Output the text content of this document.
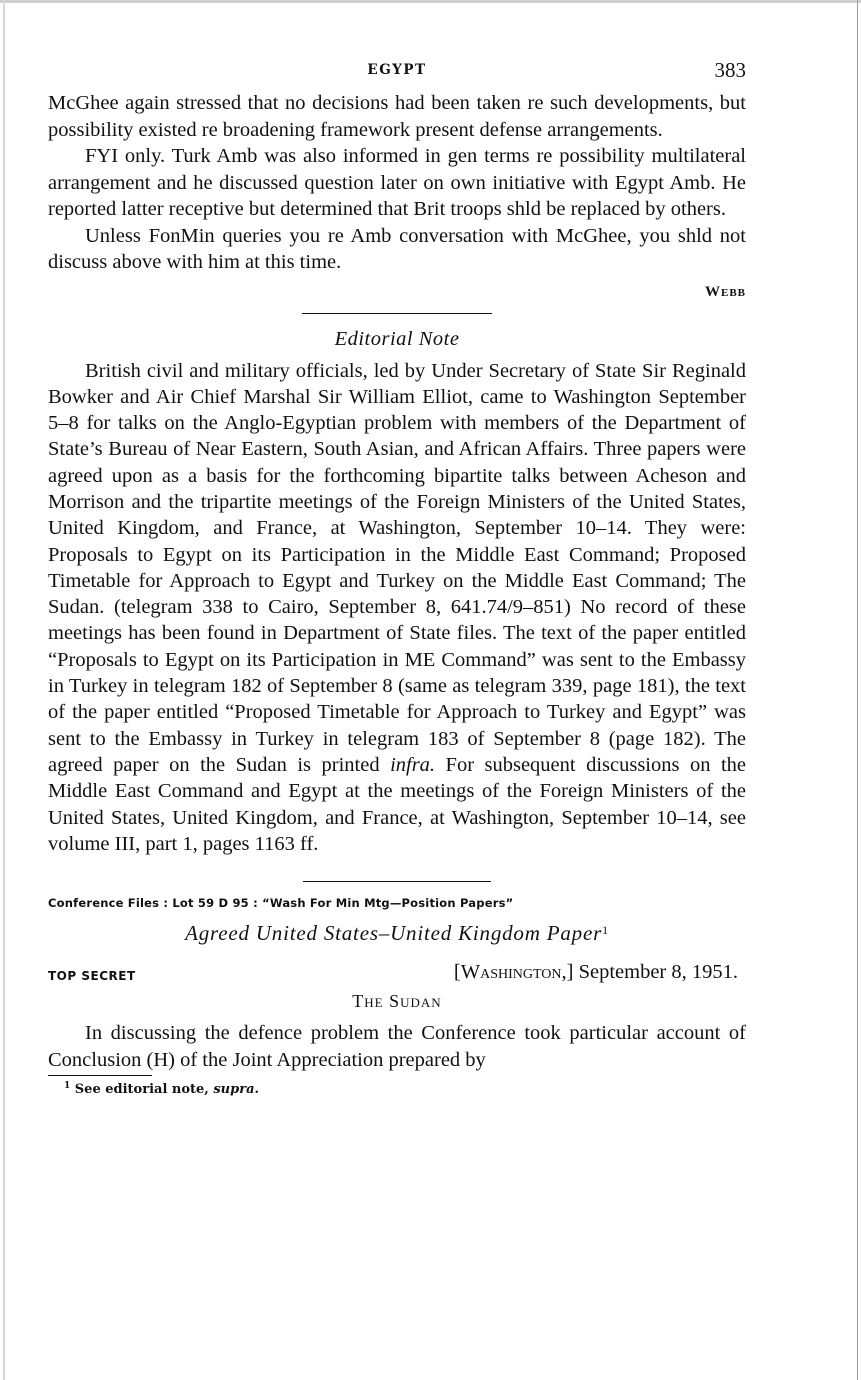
EGYPT	383

McGhee again stressed that no decisions had been taken re such developments, but possibility existed re broadening framework present defense arrangements.

FYI only. Turk Amb was also informed in gen terms re possibility multilateral arrangement and he discussed question later on own initiative with Egypt Amb. He reported latter receptive but determined that Brit troops shld be replaced by others.

Unless FonMin queries you re Amb conversation with McGhee, you shld not discuss above with him at this time.

Webb
Editorial Note

British civil and military officials, led by Under Secretary of State Sir Reginald Bowker and Air Chief Marshal Sir William Elliot, came to Washington September 5–8 for talks on the Anglo-Egyptian problem with members of the Department of State’s Bureau of Near Eastern, South Asian, and African Affairs. Three papers were agreed upon as a basis for the forthcoming bipartite talks between Acheson and Morrison and the tripartite meetings of the Foreign Ministers of the United States, United Kingdom, and France, at Washington, September 10–14. They were: Proposals to Egypt on its Participation in the Middle East Command; Proposed Timetable for Approach to Egypt and Turkey on the Middle East Command; The Sudan. (telegram 338 to Cairo, September 8, 641.74/9–851) No record of these meetings has been found in Department of State files. The text of the paper entitled “Proposals to Egypt on its Participation in ME Command” was sent to the Embassy in Turkey in telegram 182 of September 8 (same as telegram 339, page 181), the text of the paper entitled “Proposed Timetable for Approach to Turkey and Egypt” was sent to the Embassy in Turkey in telegram 183 of September 8 (page 182). The agreed paper on the Sudan is printed infra. For subsequent discussions on the Middle East Command and Egypt at the meetings of the Foreign Ministers of the United States, United Kingdom, and France, at Washington, September 10–14, see volume III, part 1, pages 1163 ff.

Conference Files : Lot 59 D 95 : “Wash For Min Mtg—Position Papers”
Agreed United States–United Kingdom Paper$^1$
TOP SECRET	[Washington,] September 8, 1951.
The Sudan

In discussing the defence problem the Conference took particular account of Conclusion (H) of the Joint Appreciation prepared by

$^1$ See editorial note, supra.
